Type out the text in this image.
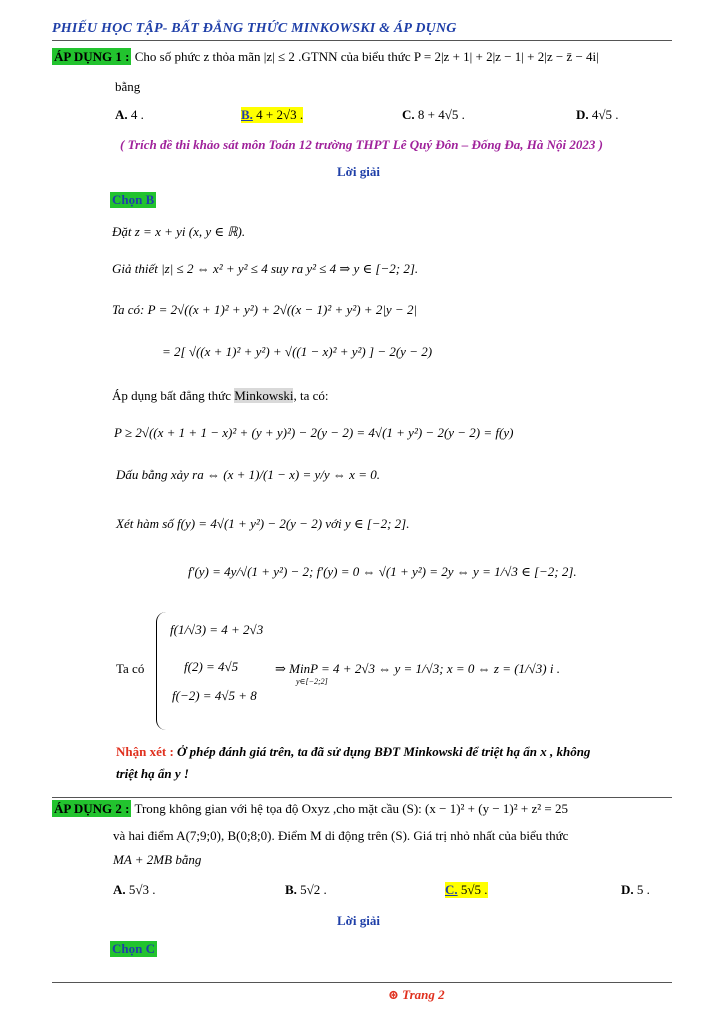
PHIẾU HỌC TẬP- BẤT ĐẲNG THỨC MINKOWSKI & ÁP DỤNG
ÁP DỤNG 1 : Cho số phức z thỏa mãn |z| ≤ 2 .GTNN của biểu thức P = 2|z + 1| + 2|z − 1| + 2|z − z̄ − 4i|
bằng
A. 4 .	B. 4 + 2√3 .	C. 8 + 4√5 .	D. 4√5 .
( Trích đề thi khảo sát môn Toán 12 trường THPT Lê Quý Đôn – Đống Đa, Hà Nội 2023 )
Lời giải
Chọn B
Đặt z = x + yi (x, y ∈ ℝ).
Giả thiết |z| ≤ 2 ⇔ x² + y² ≤ 4 suy ra y² ≤ 4 ⇒ y ∈ [−2; 2].
Ta có: P = 2√((x + 1)² + y²) + 2√((x − 1)² + y²) + 2|y − 2|
= 2[ √((x + 1)² + y²) + √((1 − x)² + y²) ] − 2(y − 2)
Áp dụng bất đẳng thức Minkowski, ta có:
P ≥ 2√((x + 1 + 1 − x)² + (y + y)²) − 2(y − 2) = 4√(1 + y²) − 2(y − 2) = f(y)
Dấu bằng xảy ra ⇔ (x + 1)/(1 − x) = y/y ⇔ x = 0.
Xét hàm số f(y) = 4√(1 + y²) − 2(y − 2) với y ∈ [−2; 2].
f′(y) = 4y/√(1 + y²) − 2; f′(y) = 0 ⇔ √(1 + y²) = 2y ⇔ y = 1/√3 ∈ [−2; 2].
Ta có
f(1/√3) = 4 + 2√3
f(2) = 4√5
f(−2) = 4√5 + 8
⇒ MinP = 4 + 2√3 ⇔ y = 1/√3; x = 0 ⇔ z = (1/√3) i .
y∈[−2;2]
Nhận xét : Ở phép đánh giá trên, ta đã sử dụng BĐT Minkowski để triệt hạ ẩn x , không
triệt hạ ẩn y !
ÁP DỤNG 2 : Trong không gian với hệ tọa độ Oxyz ,cho mặt cầu (S): (x − 1)² + (y − 1)² + z² = 25
và hai điểm A(7;9;0), B(0;8;0). Điểm M di động trên (S). Giá trị nhỏ nhất của biểu thức
MA + 2MB bằng
A. 5√3 .	B. 5√2 .	C. 5√5 .	D. 5 .
Lời giải
Chọn C
⊛ Trang 2
